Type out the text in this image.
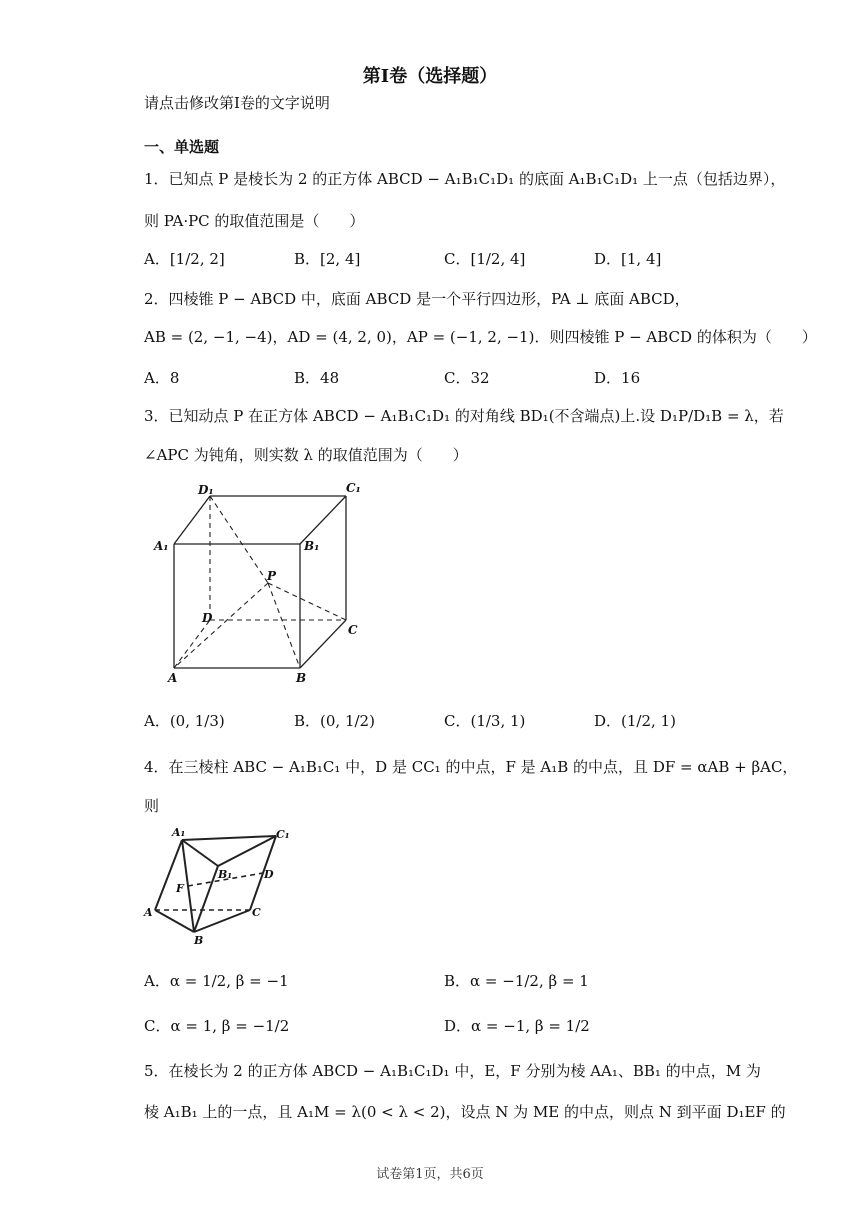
第Ⅰ卷（选择题）
请点击修改第I卷的文字说明
一、单选题
1．已知点 P 是棱长为 2 的正方体 ABCD − A₁B₁C₁D₁ 的底面 A₁B₁C₁D₁ 上一点（包括边界），
则 PA·PC 的取值范围是（　　）
A．[1/2, 2]	B．[2, 4]	C．[1/2, 4]	D．[1, 4]
2．四棱锥 P − ABCD 中，底面 ABCD 是一个平行四边形，PA ⊥ 底面 ABCD，
AB = (2, −1, −4)，AD = (4, 2, 0)，AP = (−1, 2, −1)．则四棱锥 P − ABCD 的体积为（　　）
A．8	B．48	C．32	D．16
3．已知动点 P 在正方体 ABCD − A₁B₁C₁D₁ 的对角线 BD₁(不含端点)上.设 D₁P/D₁B = λ，若
∠APC 为钝角，则实数 λ 的取值范围为（　　）
D₁	C₁
A₁	B₁
P
D
C
A	B
A．(0, 1/3)	B．(0, 1/2)	C．(1/3, 1)	D．(1/2, 1)
4．在三棱柱 ABC − A₁B₁C₁ 中，D 是 CC₁ 的中点，F 是 A₁B 的中点，且 DF = αAB + βAC，
则
A₁	C₁
B₁	D
F
A	C
B
A．α = 1/2, β = −1	B．α = −1/2, β = 1
C．α = 1, β = −1/2	D．α = −1, β = 1/2
5．在棱长为 2 的正方体 ABCD − A₁B₁C₁D₁ 中，E，F 分别为棱 AA₁、BB₁ 的中点，M 为
棱 A₁B₁ 上的一点，且 A₁M = λ(0 < λ < 2)，设点 N 为 ME 的中点，则点 N 到平面 D₁EF 的
试卷第1页，共6页
